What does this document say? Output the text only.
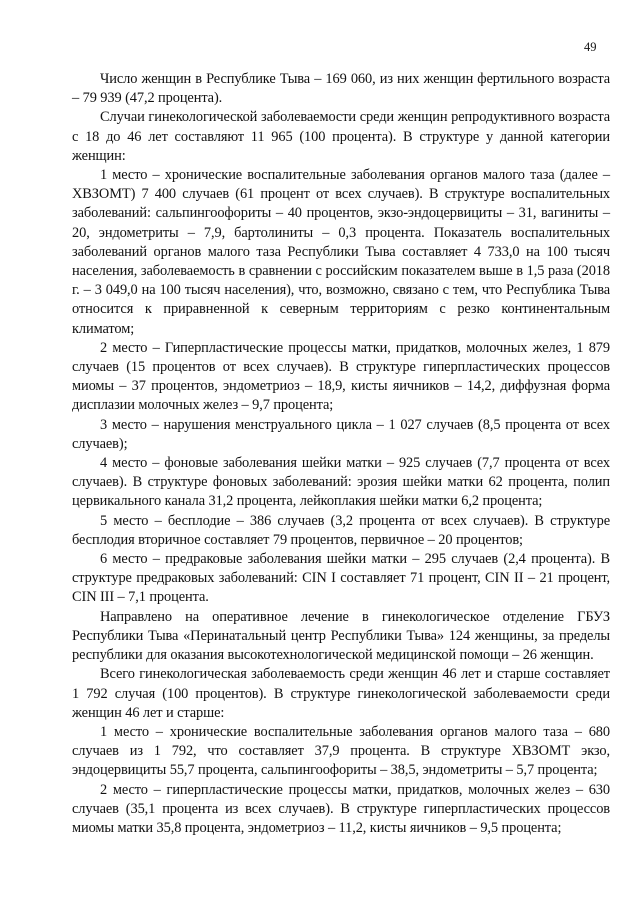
49

Число женщин в Республике Тыва – 169 060, из них женщин фертильного возраста – 79 939 (47,2 процента).

Случаи гинекологической заболеваемости среди женщин репродуктивного возраста с 18 до 46 лет составляют 11 965 (100 процента). В структуре у данной категории женщин:

1 место – хронические воспалительные заболевания органов малого таза (далее – ХВЗОМТ) 7 400 случаев (61 процент от всех случаев). В структуре воспалительных заболеваний: сальпингоофориты – 40 процентов, экзо-эндоцервициты – 31, вагиниты – 20, эндометриты – 7,9, бартолиниты – 0,3 процента. Показатель воспалительных заболеваний органов малого таза Республики Тыва составляет 4 733,0 на 100 тысяч населения, заболеваемость в сравнении с российским показателем выше в 1,5 раза (2018 г. – 3 049,0 на 100 тысяч населения), что, возможно, связано с тем, что Республика Тыва относится к приравненной к северным территориям с резко континентальным климатом;

2 место – Гиперпластические процессы матки, придатков, молочных желез, 1 879 случаев (15 процентов от всех случаев). В структуре гиперпластических процессов миомы – 37 процентов, эндометриоз – 18,9, кисты яичников – 14,2, диффузная форма дисплазии молочных желез – 9,7 процента;

3 место – нарушения менструального цикла – 1 027 случаев (8,5 процента от всех случаев);

4 место – фоновые заболевания шейки матки – 925 случаев (7,7 процента от всех случаев). В структуре фоновых заболеваний: эрозия шейки матки 62 процента, полип цервикального канала 31,2 процента, лейкоплакия шейки матки 6,2 процента;

5 место – бесплодие – 386 случаев (3,2 процента от всех случаев). В структуре бесплодия вторичное составляет 79 процентов, первичное – 20 процентов;

6 место – предраковые заболевания шейки матки – 295 случаев (2,4 процента). В структуре предраковых заболеваний: CIN I составляет 71 процент, CIN II – 21 процент, CIN III – 7,1 процента.

Направлено на оперативное лечение в гинекологическое отделение ГБУЗ Республики Тыва «Перинатальный центр Республики Тыва» 124 женщины, за пределы республики для оказания высокотехнологической медицинской помощи – 26 женщин.

Всего гинекологическая заболеваемость среди женщин 46 лет и старше составляет 1 792 случая (100 процентов). В структуре гинекологической заболеваемости среди женщин 46 лет и старше:

1 место – хронические воспалительные заболевания органов малого таза – 680 случаев из 1 792, что составляет 37,9 процента. В структуре ХВЗОМТ экзо, эндоцервициты 55,7 процента, сальпингоофориты – 38,5, эндометриты – 5,7 процента;

2 место – гиперпластические процессы матки, придатков, молочных желез – 630 случаев (35,1 процента из всех случаев). В структуре гиперпластических процессов миомы матки 35,8 процента, эндометриоз – 11,2, кисты яичников – 9,5 процента;
